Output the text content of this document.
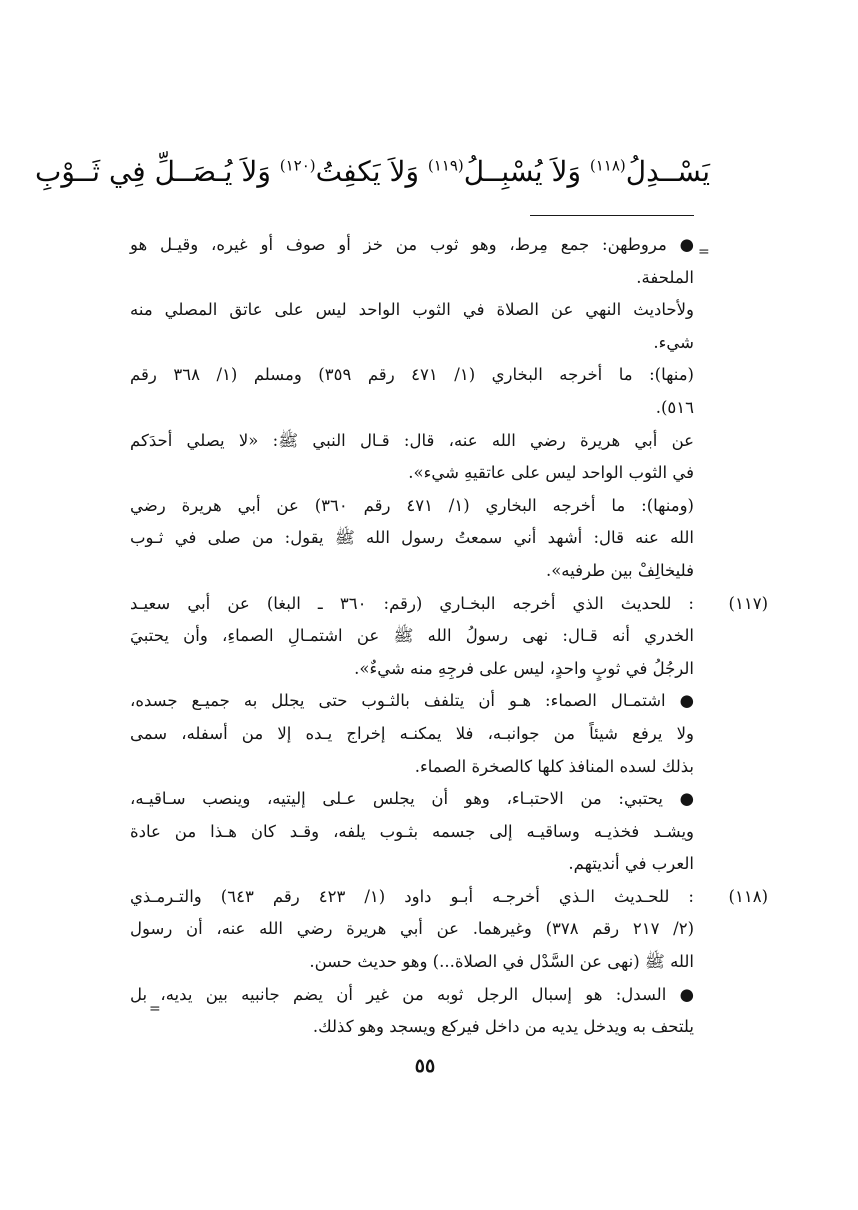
يَسْــدِلُ$^{(١١٨)}$ وَلاَ يُسْبِــلُ$^{(١١٩)}$ وَلاَ يَكفِتُ$^{(١٢٠)}$ وَلاَ يُـصَــلِّ فِي ثَــوْبِ
=
● مروطهن: جمع مِرط، وهو ثوب من خز أو صوف أو غيره، وقيـل هو
الملحفة.
ولأحاديث النهي عن الصلاة في الثوب الواحد ليس على عاتق المصلي منه
شيء.
(منها): ما أخرجه البخاري (١/ ٤٧١ رقم ٣٥٩) ومسلم (١/ ٣٦٨ رقم
٥١٦).
عن أبي هريرة رضي الله عنه، قال: قـال النبي ﷺ: «لا يصلي أحدَكم
في الثوب الواحد ليس على عاتقيهِ شيء».
(ومنها): ما أخرجه البخاري (١/ ٤٧١ رقم ٣٦٠) عن أبي هريرة رضي
الله عنه قال: أشهد أني سمعتُ رسول الله ﷺ يقول: من صلى في ثـوب
فليخالِفْ بين طرفيه».
: للحديث الذي أخرجه البخـاري (رقم: ٣٦٠ ـ البغا) عن أبي سعيـد (١١٧)
الخدري أنه قـال: نهى رسولُ الله ﷺ عن اشتمـالِ الصماءِ، وأن يحتبيَ
الرجُلُ في ثوبٍ واحدٍ، ليس على فرجِهِ منه شيءٌ».
● اشتمـال الصماء: هـو أن يتلفف بالثـوب حتى يجلل به جميـع جسده،
ولا يرفع شيئاً من جوانبـه، فلا يمكنـه إخراج يـده إلا من أسفله، سمى
بذلك لسده المنافذ كلها كالصخرة الصماء.
● يحتبي: من الاحتبـاء، وهو أن يجلس عـلى إليتيه، وينصب سـاقيـه،
ويشـد فخذيـه وساقيـه إلى جسمه بثـوب يلفه، وقـد كان هـذا من عادة
العرب في أنديتهم.
: للحـديث الـذي أخرجـه أبـو داود (١/ ٤٢٣ رقم ٦٤٣) والتـرمـذي (١١٨)
(٢/ ٢١٧ رقم ٣٧٨) وغيرهما. عن أبي هريرة رضي الله عنه، أن رسول
الله ﷺ (نهى عن السَّدْل في الصلاة...) وهو حديث حسن.
● السدل: هو إسبال الرجل ثوبه من غير أن يضم جانبيه بين يديه، بل
يلتحف به ويدخل يديه من داخل فيركع ويسجد وهو كذلك.
=
٥٥
